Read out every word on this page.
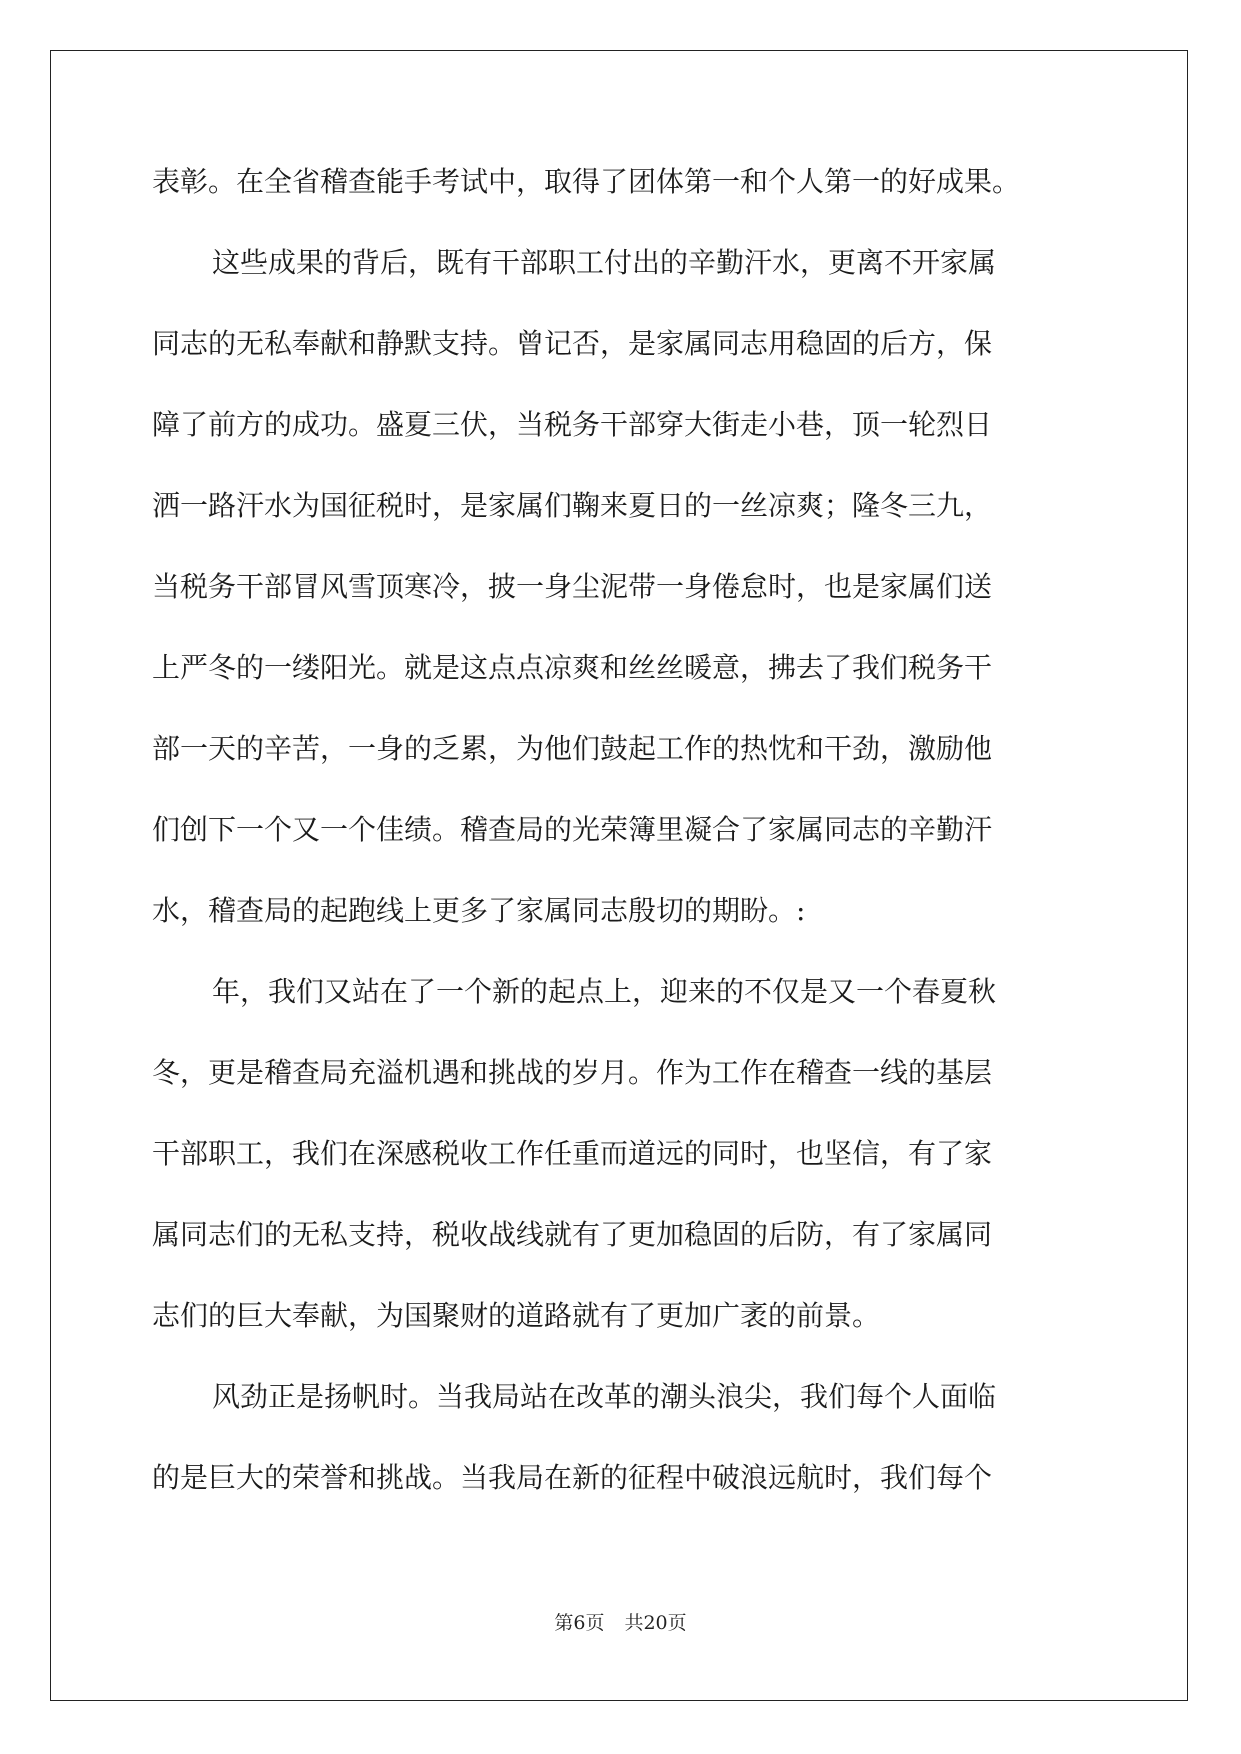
表彰。在全省稽查能手考试中，取得了团体第一和个人第一的好成果。
这些成果的背后，既有干部职工付出的辛勤汗水，更离不开家属
同志的无私奉献和静默支持。曾记否，是家属同志用稳固的后方，保
障了前方的成功。盛夏三伏，当税务干部穿大街走小巷，顶一轮烈日
洒一路汗水为国征税时，是家属们鞠来夏日的一丝凉爽；隆冬三九，
当税务干部冒风雪顶寒冷，披一身尘泥带一身倦怠时，也是家属们送
上严冬的一缕阳光。就是这点点凉爽和丝丝暖意，拂去了我们税务干
部一天的辛苦，一身的乏累，为他们鼓起工作的热忱和干劲，激励他
们创下一个又一个佳绩。稽查局的光荣簿里凝合了家属同志的辛勤汗
水，稽查局的起跑线上更多了家属同志殷切的期盼。:
年，我们又站在了一个新的起点上，迎来的不仅是又一个春夏秋
冬，更是稽查局充溢机遇和挑战的岁月。作为工作在稽查一线的基层
干部职工，我们在深感税收工作任重而道远的同时，也坚信，有了家
属同志们的无私支持，税收战线就有了更加稳固的后防，有了家属同
志们的巨大奉献，为国聚财的道路就有了更加广袤的前景。
风劲正是扬帆时。当我局站在改革的潮头浪尖，我们每个人面临
的是巨大的荣誉和挑战。当我局在新的征程中破浪远航时，我们每个
第6页 共20页
